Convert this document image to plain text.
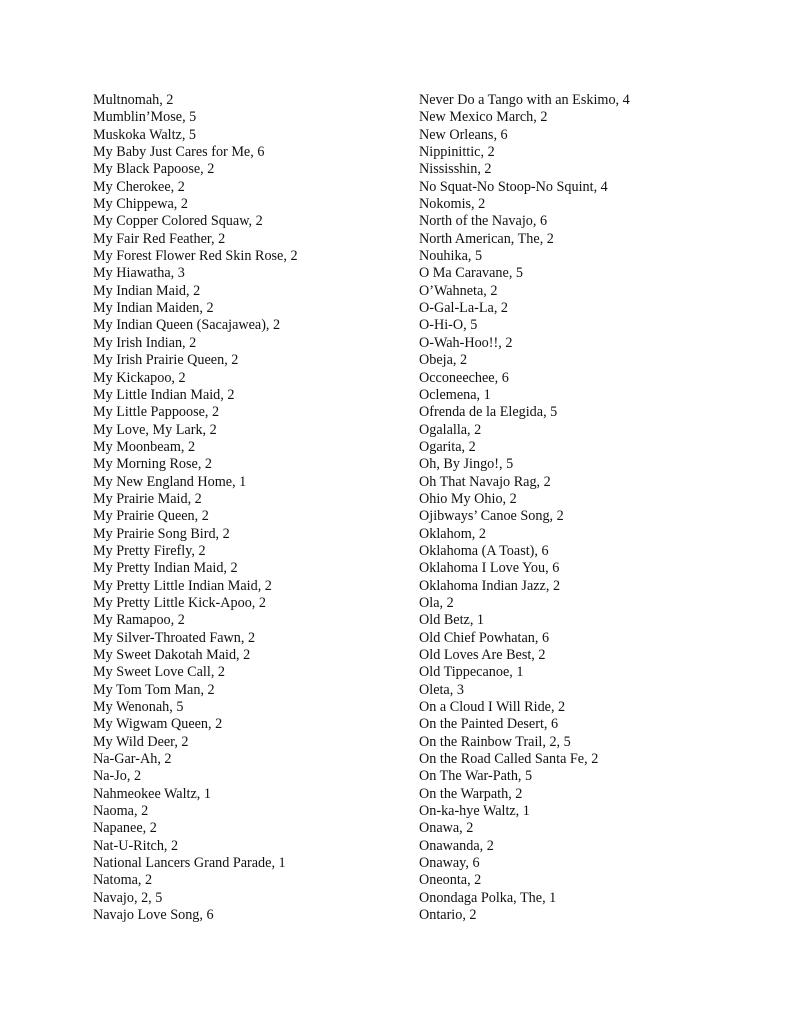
Multnomah, 2
Mumblin’Mose, 5
Muskoka Waltz, 5
My Baby Just Cares for Me, 6
My Black Papoose, 2
My Cherokee, 2
My Chippewa, 2
My Copper Colored Squaw, 2
My Fair Red Feather, 2
My Forest Flower Red Skin Rose, 2
My Hiawatha, 3
My Indian Maid, 2
My Indian Maiden, 2
My Indian Queen (Sacajawea), 2
My Irish Indian, 2
My Irish Prairie Queen, 2
My Kickapoo, 2
My Little Indian Maid, 2
My Little Pappoose, 2
My Love, My Lark, 2
My Moonbeam, 2
My Morning Rose, 2
My New England Home, 1
My Prairie Maid, 2
My Prairie Queen, 2
My Prairie Song Bird, 2
My Pretty Firefly, 2
My Pretty Indian Maid, 2
My Pretty Little Indian Maid, 2
My Pretty Little Kick-Apoo, 2
My Ramapoo, 2
My Silver-Throated Fawn, 2
My Sweet Dakotah Maid, 2
My Sweet Love Call, 2
My Tom Tom Man, 2
My Wenonah, 5
My Wigwam Queen, 2
My Wild Deer, 2
Na-Gar-Ah, 2
Na-Jo, 2
Nahmeokee Waltz, 1
Naoma, 2
Napanee, 2
Nat-U-Ritch, 2
National Lancers Grand Parade, 1
Natoma, 2
Navajo, 2, 5
Navajo Love Song, 6
Never Do a Tango with an Eskimo, 4
New Mexico March, 2
New Orleans, 6
Nippinittic, 2
Nississhin, 2
No Squat-No Stoop-No Squint, 4
Nokomis, 2
North of the Navajo, 6
North American, The, 2
Nouhika, 5
O Ma Caravane, 5
O’Wahneta, 2
O-Gal-La-La, 2
O-Hi-O, 5
O-Wah-Hoo!!, 2
Obeja, 2
Occoneechee, 6
Oclemena, 1
Ofrenda de la Elegida, 5
Ogalalla, 2
Ogarita, 2
Oh, By Jingo!, 5
Oh That Navajo Rag, 2
Ohio My Ohio, 2
Ojibways’ Canoe Song, 2
Oklahom, 2
Oklahoma (A Toast), 6
Oklahoma I Love You, 6
Oklahoma Indian Jazz, 2
Ola, 2
Old Betz, 1
Old Chief Powhatan, 6
Old Loves Are Best, 2
Old Tippecanoe, 1
Oleta, 3
On a Cloud I Will Ride, 2
On the Painted Desert, 6
On the Rainbow Trail, 2, 5
On the Road Called Santa Fe, 2
On The War-Path, 5
On the Warpath, 2
On-ka-hye Waltz, 1
Onawa, 2
Onawanda, 2
Onaway, 6
Oneonta, 2
Onondaga Polka, The, 1
Ontario, 2
